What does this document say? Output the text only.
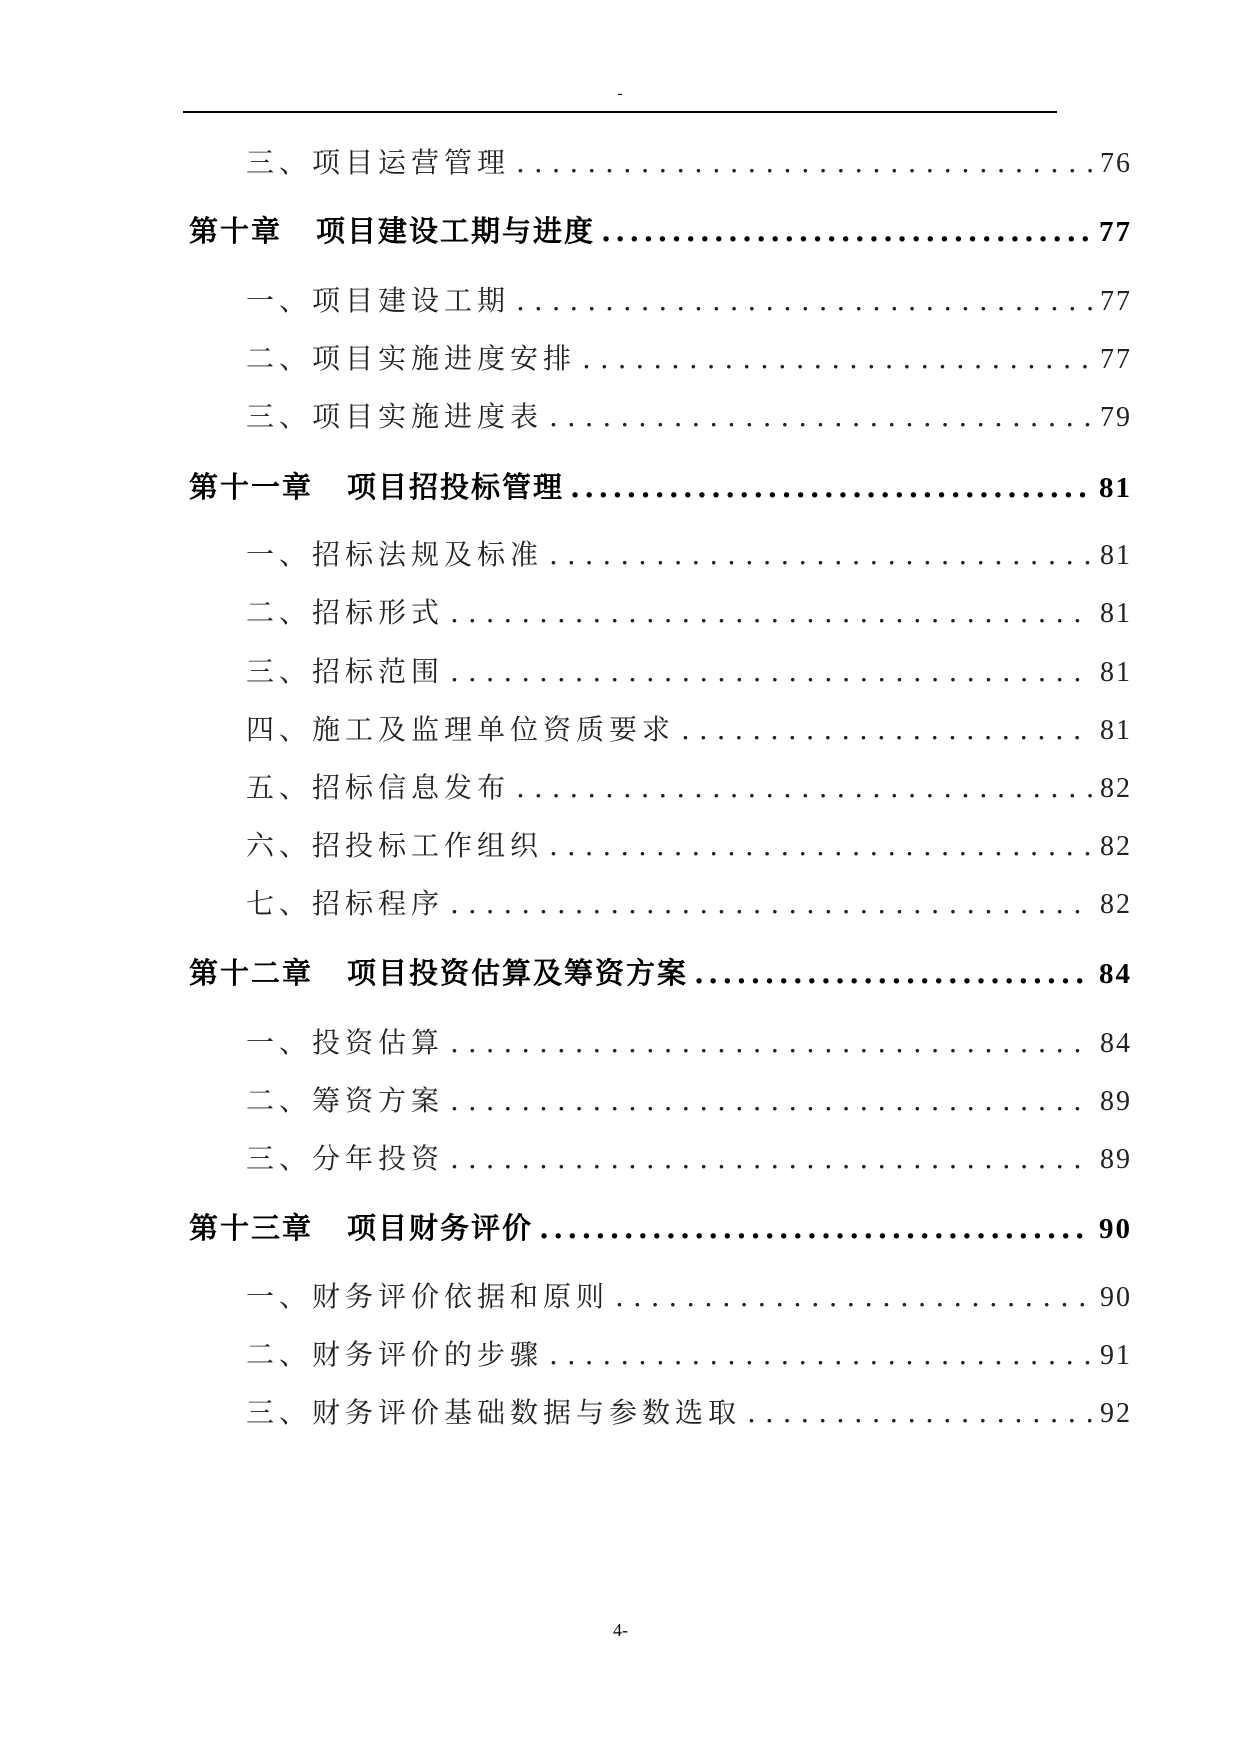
-
三、项目运营管理 . . .	76
第十章 项目建设工期与进度 .....	77
一、项目建设工期 . . .	77
二、项目实施进度安排 . . .	77
三、项目实施进度表 . . .	79
第十一章 项目招投标管理 .....	81
一、招标法规及标准 . . .	81
二、招标形式 . . .	81
三、招标范围 . . .	81
四、施工及监理单位资质要求 . . .	81
五、招标信息发布 . . .	82
六、招投标工作组织 . . .	82
七、招标程序 . . .	82
第十二章 项目投资估算及筹资方案 .....	84
一、投资估算 . . .	84
二、筹资方案 . . .	89
三、分年投资 . . .	89
第十三章 项目财务评价 .....	90
一、财务评价依据和原则 . . .	90
二、财务评价的步骤 . . .	91
三、财务评价基础数据与参数选取 . . .	92
4-
